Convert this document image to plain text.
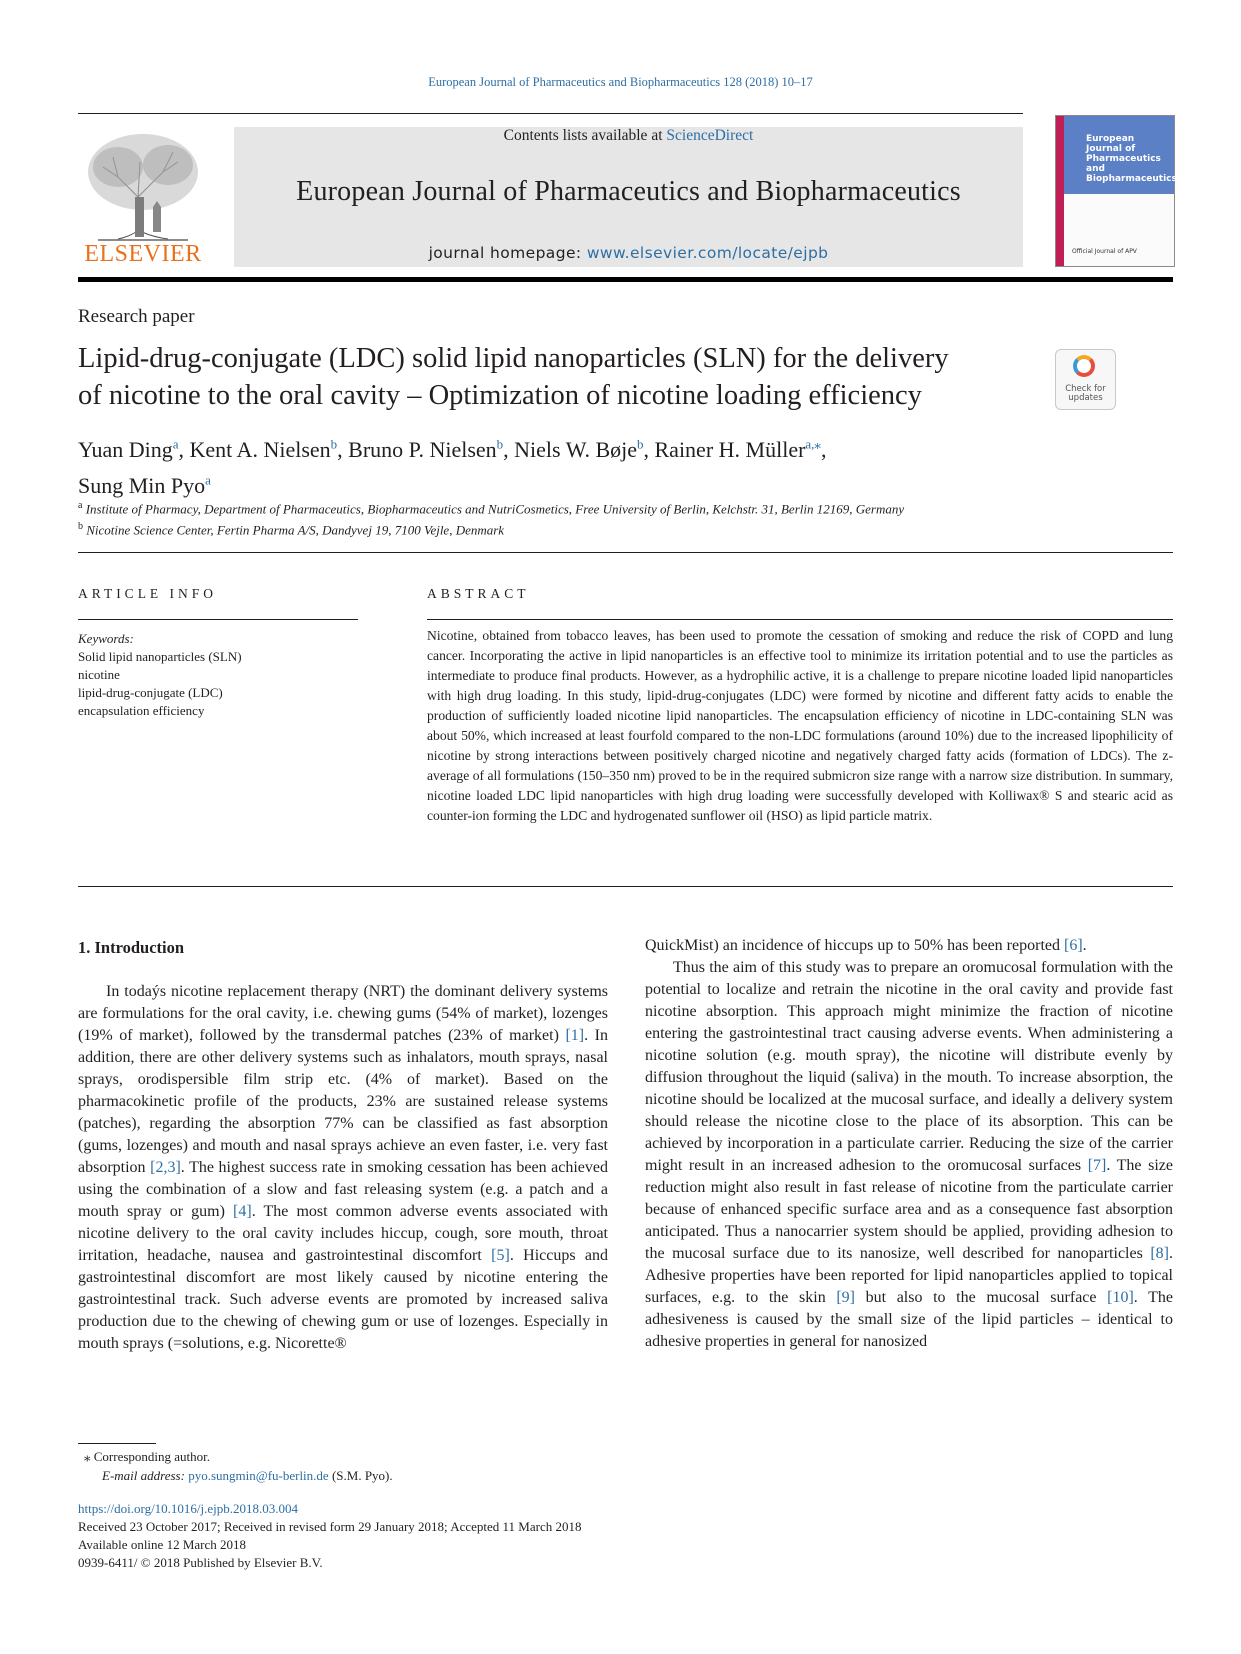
European Journal of Pharmaceutics and Biopharmaceutics 128 (2018) 10–17
ELSEVIER
Contents lists available at ScienceDirect
European Journal of Pharmaceutics and Biopharmaceutics
journal homepage: www.elsevier.com/locate/ejpb
European Journal of Pharmaceutics and Biopharmaceutics
Official Journal of APV
Research paper
Lipid-drug-conjugate (LDC) solid lipid nanoparticles (SLN) for the delivery
of nicotine to the oral cavity – Optimization of nicotine loading efficiency	Check for updates
Yuan Ding$^a$, Kent A. Nielsen$^b$, Bruno P. Nielsen$^b$, Niels W. Bøje$^b$, Rainer H. Müller$^{a,⁎}$,
Sung Min Pyo$^a$
$^a$ Institute of Pharmacy, Department of Pharmaceutics, Biopharmaceutics and NutriCosmetics, Free University of Berlin, Kelchstr. 31, Berlin 12169, Germany
$^b$ Nicotine Science Center, Fertin Pharma A/S, Dandyvej 19, 7100 Vejle, Denmark
ARTICLE INFO
Keywords:
Solid lipid nanoparticles (SLN)
nicotine
lipid-drug-conjugate (LDC)
encapsulation efficiency
ABSTRACT
Nicotine, obtained from tobacco leaves, has been used to promote the cessation of smoking and reduce the risk of COPD and lung cancer. Incorporating the active in lipid nanoparticles is an effective tool to minimize its irritation potential and to use the particles as intermediate to produce final products. However, as a hydrophilic active, it is a challenge to prepare nicotine loaded lipid nanoparticles with high drug loading. In this study, lipid-drug-conjugates (LDC) were formed by nicotine and different fatty acids to enable the production of sufficiently loaded nicotine lipid nanoparticles. The encapsulation efficiency of nicotine in LDC-containing SLN was about 50%, which increased at least fourfold compared to the non-LDC formulations (around 10%) due to the increased lipophilicity of nicotine by strong interactions between positively charged nicotine and negatively charged fatty acids (formation of LDCs). The z-average of all formulations (150–350 nm) proved to be in the required submicron size range with a narrow size distribution. In summary, nicotine loaded LDC lipid nanoparticles with high drug loading were successfully developed with Kolliwax® S and stearic acid as counter-ion forming the LDC and hydrogenated sunflower oil (HSO) as lipid particle matrix.
1. Introduction

In todaýs nicotine replacement therapy (NRT) the dominant delivery systems are formulations for the oral cavity, i.e. chewing gums (54% of market), lozenges (19% of market), followed by the transdermal patches (23% of market) [1]. In addition, there are other delivery systems such as inhalators, mouth sprays, nasal sprays, orodispersible film strip etc. (4% of market). Based on the pharmacokinetic profile of the products, 23% are sustained release systems (patches), regarding the absorption 77% can be classified as fast absorption (gums, lozenges) and mouth and nasal sprays achieve an even faster, i.e. very fast absorption [2,3]. The highest success rate in smoking cessation has been achieved using the combination of a slow and fast releasing system (e.g. a patch and a mouth spray or gum) [4]. The most common adverse events associated with nicotine delivery to the oral cavity includes hiccup, cough, sore mouth, throat irritation, headache, nausea and gastrointestinal discomfort [5]. Hiccups and gastrointestinal discomfort are most likely caused by nicotine entering the gastrointestinal track. Such adverse events are promoted by increased saliva production due to the chewing of chewing gum or use of lozenges. Especially in mouth sprays (=solutions, e.g. Nicorette®

QuickMist) an incidence of hiccups up to 50% has been reported [6].

Thus the aim of this study was to prepare an oromucosal formulation with the potential to localize and retrain the nicotine in the oral cavity and provide fast nicotine absorption. This approach might minimize the fraction of nicotine entering the gastrointestinal tract causing adverse events. When administering a nicotine solution (e.g. mouth spray), the nicotine will distribute evenly by diffusion throughout the liquid (saliva) in the mouth. To increase absorption, the nicotine should be localized at the mucosal surface, and ideally a delivery system should release the nicotine close to the place of its absorption. This can be achieved by incorporation in a particulate carrier. Reducing the size of the carrier might result in an increased adhesion to the oromucosal surfaces [7]. The size reduction might also result in fast release of nicotine from the particulate carrier because of enhanced specific surface area and as a consequence fast absorption anticipated. Thus a nanocarrier system should be applied, providing adhesion to the mucosal surface due to its nanosize, well described for nanoparticles [8]. Adhesive properties have been reported for lipid nanoparticles applied to topical surfaces, e.g. to the skin [9] but also to the mucosal surface [10]. The adhesiveness is caused by the small size of the lipid particles – identical to adhesive properties in general for nanosized

⁎ Corresponding author.
E-mail address: pyo.sungmin@fu-berlin.de (S.M. Pyo).
https://doi.org/10.1016/j.ejpb.2018.03.004
Received 23 October 2017; Received in revised form 29 January 2018; Accepted 11 March 2018
Available online 12 March 2018
0939-6411/ © 2018 Published by Elsevier B.V.
